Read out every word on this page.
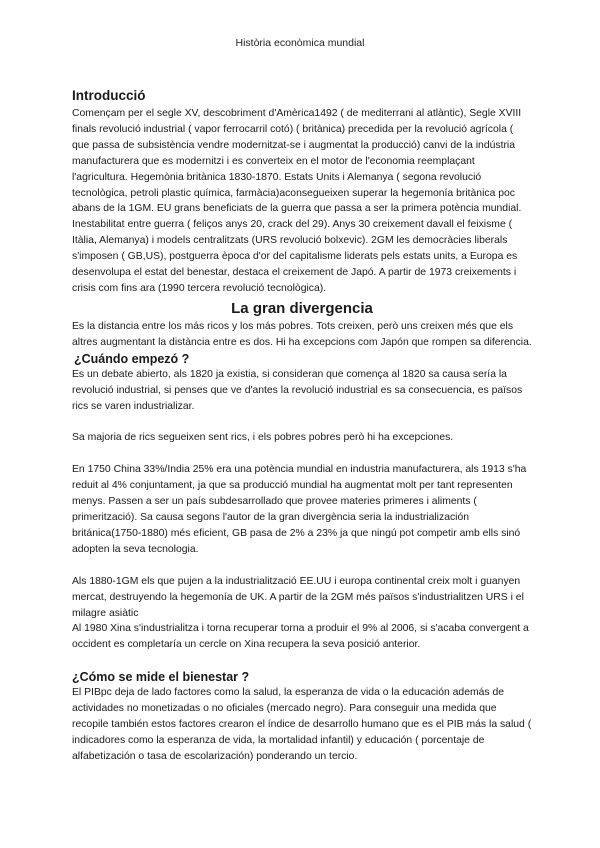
Història econòmica mundial
Introducció

Començam per el segle XV, descobriment d'Amèrica1492 ( de mediterrani al atlàntic), Segle XVIII finals revolució industrial ( vapor ferrocarril cotó) ( britànica) precedida per la revolució agrícola ( que passa de subsistència vendre modernitzat-se i augmentat la producció) canvi de la indústria manufacturera que es modernitzi i es converteix en el motor de l'economia reemplaçant l'agricultura. Hegemònia britànica 1830-1870. Estats Units i Alemanya ( segona revolució tecnològica, petroli plastic química, farmàcia)aconsegueixen superar la hegemonía britànica poc abans de la 1GM. EU grans beneficiats de la guerra que passa a ser la primera potència mundial. Inestabilitat entre guerra ( feliços anys 20, crack del 29). Anys 30 creixement davall el feixisme ( Itàlia, Alemanya) i models centralitzats (URS revolució bolxevic). 2GM les democràcies liberals s'imposen ( GB,US), postguerra època d'or del capitalisme liderats pels estats units, a Europa es desenvolupa el estat del benestar, destaca el creixement de Japó. A partir de 1973 creixements i crisis com fins ara (1990 tercera revolució tecnològica).

La gran divergencia

Es la distancia entre los más ricos y los más pobres. Tots creixen, però uns creixen més que els altres augmentant la distància entre es dos. Hi ha excepcions com Japón que rompen sa diferencia.

¿Cuándo empezó ?

Es un debate abierto, als 1820 ja existia, si consideran que comença al 1820 sa causa sería la revolució industrial, si penses que ve d'antes la revolució industrial es sa consecuencia, es països rics se varen industrializar.

Sa majoria de rics segueixen sent rics, i els pobres pobres però hi ha excepciones.

En 1750 China 33%/India 25% era una potència mundial en industria manufacturera, als 1913 s'ha reduit al 4% conjuntament, ja que sa producció mundial ha augmentat molt per tant representen menys. Passen a ser un país subdesarrollado que provee materies primeres i aliments ( primerització). Sa causa segons l'autor de la gran divergència seria la industrialización británica(1750-1880) més eficient, GB pasa de 2% a 23% ja que ningú pot competir amb ells sinó adopten la seva tecnologia.

Als 1880-1GM els que pujen a la industrialització EE.UU i europa continental creix molt i guanyen mercat, destruyendo la hegemonía de UK. A partir de la 2GM més països s'industrialitzen URS i el milagre asiàtic

Al 1980 Xina s'industrialitza i torna recuperar torna a produir el 9% al 2006, si s'acaba convergent a occident es completaría un cercle on Xina recupera la seva posició anterior.

¿Cómo se mide el bienestar ?

El PIBpc deja de lado factores como la salud, la esperanza de vida o la educación además de actividades no monetizadas o no oficiales (mercado negro). Para conseguir una medida que recopile también estos factores crearon el índice de desarrollo humano que es el PIB más la salud ( indicadores como la esperanza de vida, la mortalidad infantil) y educación ( porcentaje de alfabetización o tasa de escolarización) ponderando un tercio.
